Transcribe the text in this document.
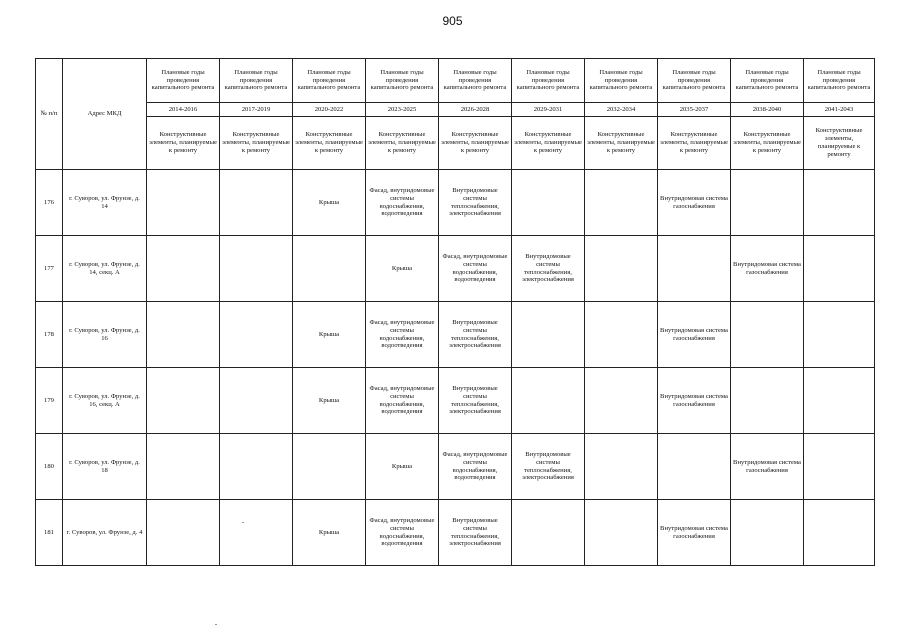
905
№ п/п	Адрес МКД	Плановые годы проведения капитального ремонта	Плановые годы проведения капитального ремонта	Плановые годы проведения капитального ремонта	Плановые годы проведения капитального ремонта	Плановые годы проведения капитального ремонта	Плановые годы проведения капитального ремонта	Плановые годы проведения капитального ремонта	Плановые годы проведения капитального ремонта	Плановые годы проведения капитального ремонта	Плановые годы проведения капитального ремонта
		2014-2016	2017-2019	2020-2022	2023-2025	2026-2028	2029-2031	2032-2034	2035-2037	2038-2040	2041-2043
		Конструктивные элементы, планируемые к ремонту	Конструктивные элементы, планируемые к ремонту	Конструктивные элементы, планируемые к ремонту	Конструктивные элементы, планируемые к ремонту	Конструктивные элементы, планируемые к ремонту	Конструктивные элементы, планируемые к ремонту	Конструктивные элементы, планируемые к ремонту	Конструктивные элементы, планируемые к ремонту	Конструктивные элементы, планируемые к ремонту	Конструктивные элементы, планируемые к ремонту
176	г. Суворов, ул. Фрунзе, д. 14			Крыша	Фасад, внутридомовые системы водоснабжения, водоотведения	Внутридомовые системы теплоснабжения, электроснабжения			Внутридомовая система газоснабжения		
177	г. Суворов, ул. Фрунзе, д. 14, секц. А				Крыша	Фасад, внутридомовые системы водоснабжения, водоотведения	Внутридомовые системы теплоснабжения, электроснабжения			Внутридомовая система газоснабжения	
178	г. Суворов, ул. Фрунзе, д. 16			Крыша	Фасад, внутридомовые системы водоснабжения, водоотведения	Внутридомовые системы теплоснабжения, электроснабжения			Внутридомовая система газоснабжения		
179	г. Суворов, ул. Фрунзе, д. 16, секц. А			Крыша	Фасад, внутридомовые системы водоснабжения, водоотведения	Внутридомовые системы теплоснабжения, электроснабжения			Внутридомовая система газоснабжения		
180	г. Суворов, ул. Фрунзе, д. 18				Крыша	Фасад, внутридомовые системы водоснабжения, водоотведения	Внутридомовые системы теплоснабжения, электроснабжения			Внутридомовая система газоснабжения	
181	г. Суворов, ул. Фрунзе, д. 4			Крыша	Фасад, внутридомовые системы водоснабжения, водоотведения	Внутридомовые системы теплоснабжения, электроснабжения			Внутридомовая система газоснабжения		
